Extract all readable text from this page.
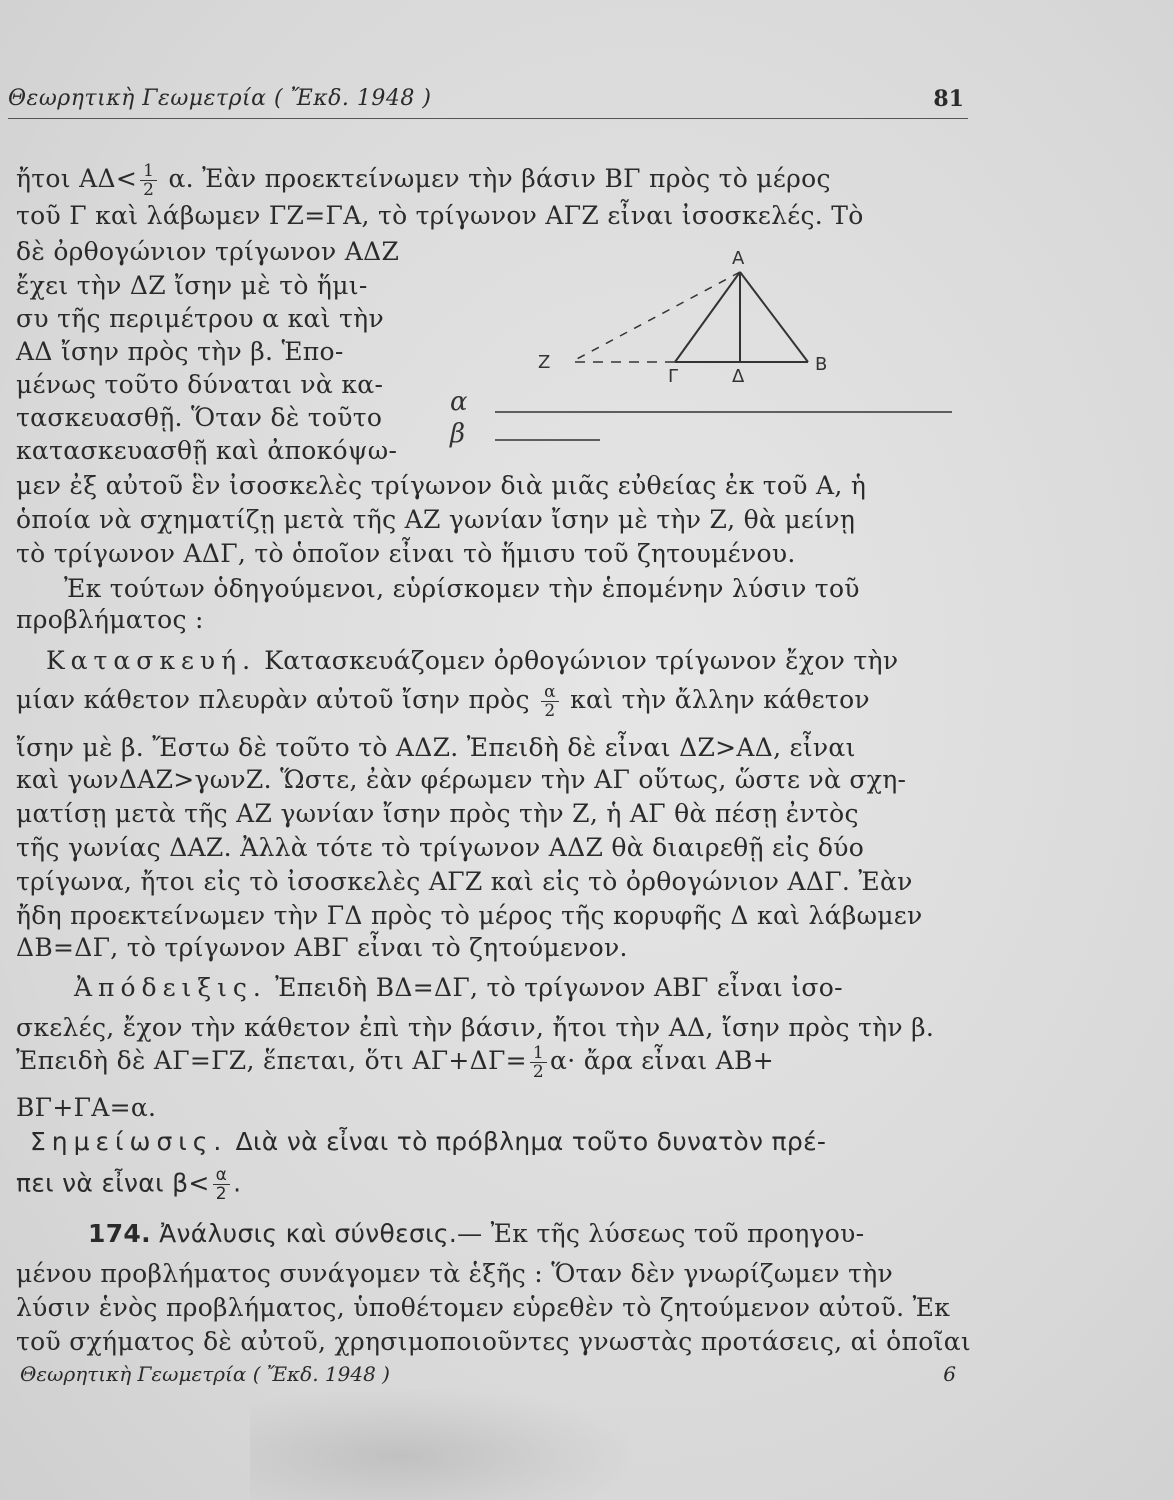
Θεωρητικὴ Γεωμετρία ( Ἔκδ. 1948 )	81
ἤτοι $A\Delta< \frac{1}{2} \alpha$. Ἐὰν προεκτείνωμεν τὴν βάσιν ΒΓ πρὸς τὸ μέρος
τοῦ Γ καὶ λάβωμεν ΓΖ=ΓΑ, τὸ τρίγωνον ΑΓΖ εἶναι ἰσοσκελές. Τὸ
δὲ ὀρθογώνιον τρίγωνον ΑΔΖ
ἔχει τὴν ΔΖ ἴσην μὲ τὸ ἥμι-
συ τῆς περιμέτρου α καὶ τὴν
ΑΔ ἴσην πρὸς τὴν β. Ἑπο-
μένως τοῦτο δύναται νὰ κα-
τασκευασθῇ. Ὅταν δὲ τοῦτο
κατασκευασθῇ καὶ ἀποκόψω-
μεν ἐξ αὐτοῦ ἓν ἰσοσκελὲς τρίγωνον διὰ μιᾶς εὐθείας ἐκ τοῦ Α, ἡ
ὁποία νὰ σχηματίζῃ μετὰ τῆς ΑΖ γωνίαν ἴσην μὲ τὴν Ζ, θὰ μείνῃ
τὸ τρίγωνον ΑΔΓ, τὸ ὁποῖον εἶναι τὸ ἥμισυ τοῦ ζητουμένου.
Ἐκ τούτων ὁδηγούμενοι, εὑρίσκομεν τὴν ἑπομένην λύσιν τοῦ
προβλήματος :
Κατασκευή. Κατασκευάζομεν ὀρθογώνιον τρίγωνον ἔχον τὴν
μίαν κάθετον πλευρὰν αὐτοῦ ἴσην πρὸς $\frac{\alpha}{2}$ καὶ τὴν ἄλλην κάθετον
ἴσην μὲ β. Ἔστω δὲ τοῦτο τὸ ΑΔΖ. Ἐπειδὴ δὲ εἶναι ΔΖ>ΑΔ, εἶναι
καὶ γωνΔΑΖ>γωνΖ. Ὥστε, ἐὰν φέρωμεν τὴν ΑΓ οὕτως, ὥστε νὰ σχη-
ματίσῃ μετὰ τῆς ΑΖ γωνίαν ἴσην πρὸς τὴν Ζ, ἡ ΑΓ θὰ πέσῃ ἐντὸς
τῆς γωνίας ΔΑΖ. Ἀλλὰ τότε τὸ τρίγωνον ΑΔΖ θὰ διαιρεθῇ εἰς δύο
τρίγωνα, ἤτοι εἰς τὸ ἰσοσκελὲς ΑΓΖ καὶ εἰς τὸ ὀρθογώνιον ΑΔΓ. Ἐὰν
ἤδη προεκτείνωμεν τὴν ΓΔ πρὸς τὸ μέρος τῆς κορυφῆς Δ καὶ λάβωμεν
ΔΒ=ΔΓ, τὸ τρίγωνον ΑΒΓ εἶναι τὸ ζητούμενον.
Ἀπόδειξις. Ἐπειδὴ ΒΔ=ΔΓ, τὸ τρίγωνον ΑΒΓ εἶναι ἰσο-
σκελές, ἔχον τὴν κάθετον ἐπὶ τὴν βάσιν, ἤτοι τὴν ΑΔ, ἴσην πρὸς τὴν β.
Ἐπειδὴ δὲ ΑΓ=ΓΖ, ἕπεται, ὅτι $A\Gamma+\Delta\Gamma= \frac{1}{2} \alpha\cdot$ ἄρα εἶναι ΑΒ+
ΒΓ+ΓΑ=α.
Σημείωσις. Διὰ νὰ εἶναι τὸ πρόβλημα τοῦτο δυνατὸν πρέ-
πει νὰ εἶναι $\beta< \frac{\alpha}{2}$ .
174. Ἀνάλυσις καὶ σύνθεσις.— Ἐκ τῆς λύσεως τοῦ προηγου-
μένου προβλήματος συνάγομεν τὰ ἑξῆς : Ὅταν δὲν γνωρίζωμεν τὴν
λύσιν ἑνὸς προβλήματος, ὑποθέτομεν εὑρεθὲν τὸ ζητούμενον αὐτοῦ. Ἐκ
τοῦ σχήματος δὲ αὐτοῦ, χρησιμοποιοῦντες γνωστὰς προτάσεις, αἱ ὁποῖαι
Α
Β
Γ	Δ
Ζ
α
β
Θεωρητικὴ Γεωμετρία ( Ἔκδ. 1948 )	6
